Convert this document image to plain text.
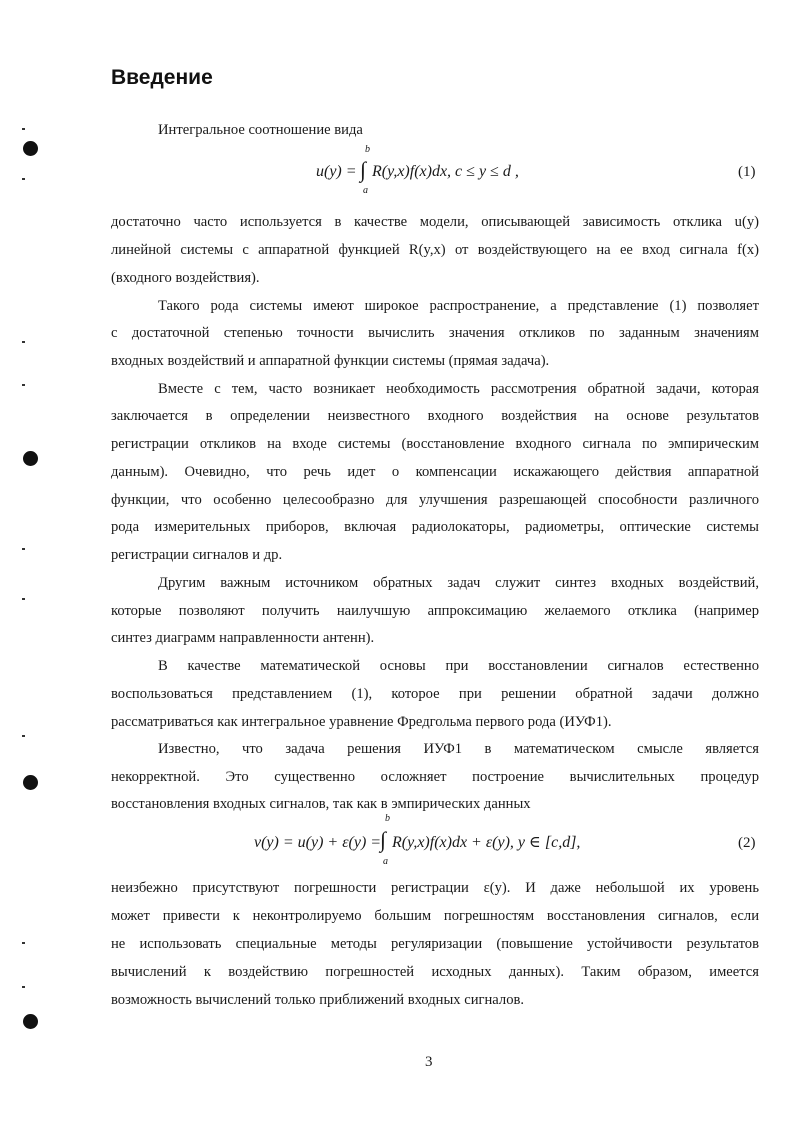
Введение
Интегральное соотношение вида
u(y) =
b
∫
a
R(y,x)f(x)dx, c ≤ y ≤ d ,	(1)
достаточно часто используется в качестве модели, описывающей зависимость отклика u(y)
линейной системы с аппаратной функцией R(y,x) от воздействующего на ее вход сигнала f(x)
(входного воздействия).
Такого рода системы имеют широкое распространение, а представление (1) позволяет
с достаточной степенью точности вычислить значения откликов по заданным значениям
входных воздействий и аппаратной функции системы (прямая задача).
Вместе с тем, часто возникает необходимость рассмотрения обратной задачи, которая
заключается в определении неизвестного входного воздействия на основе результатов
регистрации откликов на входе системы (восстановление входного сигнала по эмпирическим
данным). Очевидно, что речь идет о компенсации искажающего действия аппаратной
функции, что особенно целесообразно для улучшения разрешающей способности различного
рода измерительных приборов, включая радиолокаторы, радиометры, оптические системы
регистрации сигналов и др.
Другим важным источником обратных задач служит синтез входных воздействий,
которые позволяют получить наилучшую аппроксимацию желаемого отклика (например
синтез диаграмм направленности антенн).
В качестве математической основы при восстановлении сигналов естественно
воспользоваться представлением (1), которое при решении обратной задачи должно
рассматриваться как интегральное уравнение Фредгольма первого рода (ИУФ1).
Известно, что задача решения ИУФ1 в математическом смысле является
некорректной. Это существенно осложняет построение вычислительных процедур
восстановления входных сигналов, так как в эмпирических данных
v(y) = u(y) + ε(y) =
b
∫
a
R(y,x)f(x)dx + ε(y), y ∈ [c,d],	(2)
неизбежно присутствуют погрешности регистрации ε(y). И даже небольшой их уровень
может привести к неконтролируемо большим погрешностям восстановления сигналов, если
не использовать специальные методы регуляризации (повышение устойчивости результатов
вычислений к воздействию погрешностей исходных данных). Таким образом, имеется
возможность вычислений только приближений входных сигналов.
3
